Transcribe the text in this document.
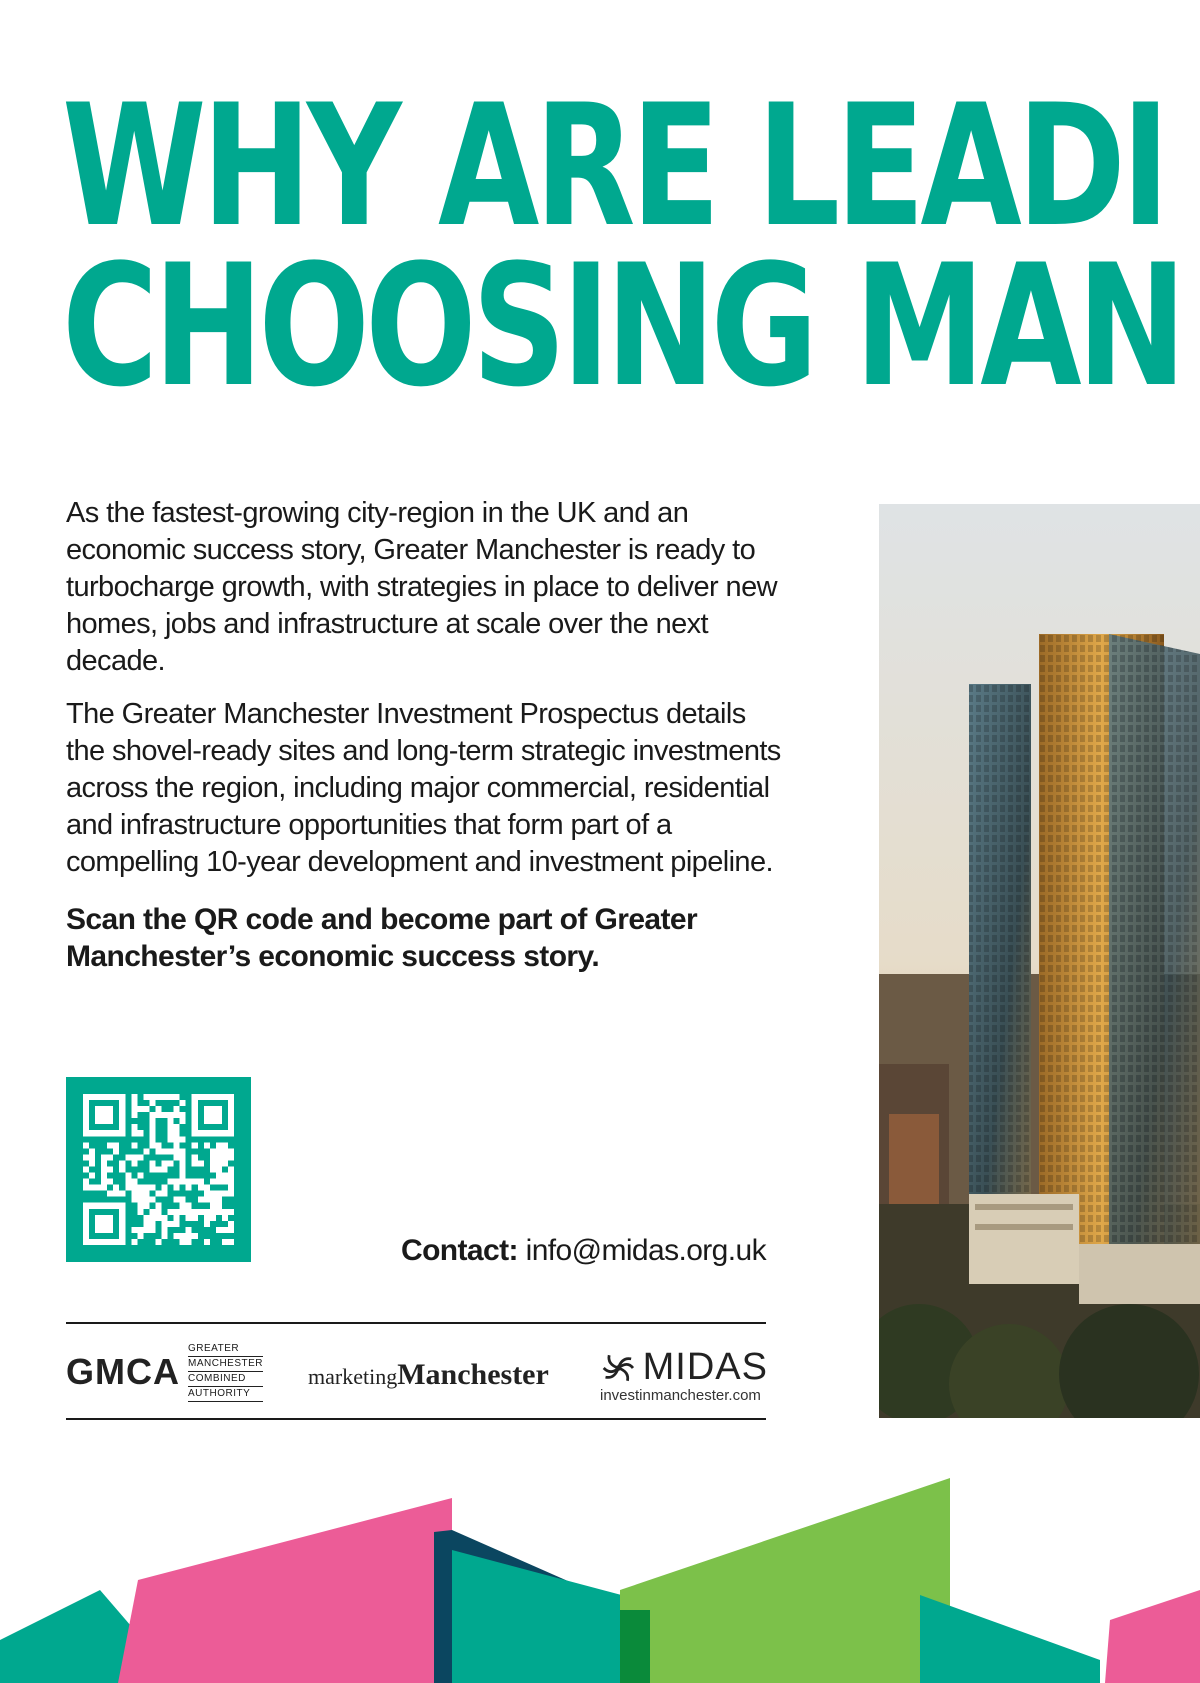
WHY ARE LEADI
CHOOSING MAN

As the fastest-growing city-region in the UK and an economic success story, Greater Manchester is ready to turbocharge growth, with strategies in place to deliver new homes, jobs and infrastructure at scale over the next decade.

The Greater Manchester Investment Prospectus details the shovel-ready sites and long-term strategic investments across the region, including major commercial, residential and infrastructure opportunities that form part of a compelling 10-year development and investment pipeline.

Scan the QR code and become part of Greater Manchester’s economic success story.
Contact: info@midas.org.uk
GMCA
GREATER
MANCHESTER
COMBINED
AUTHORITY
marketingManchester MIDAS
investinmanchester.com
